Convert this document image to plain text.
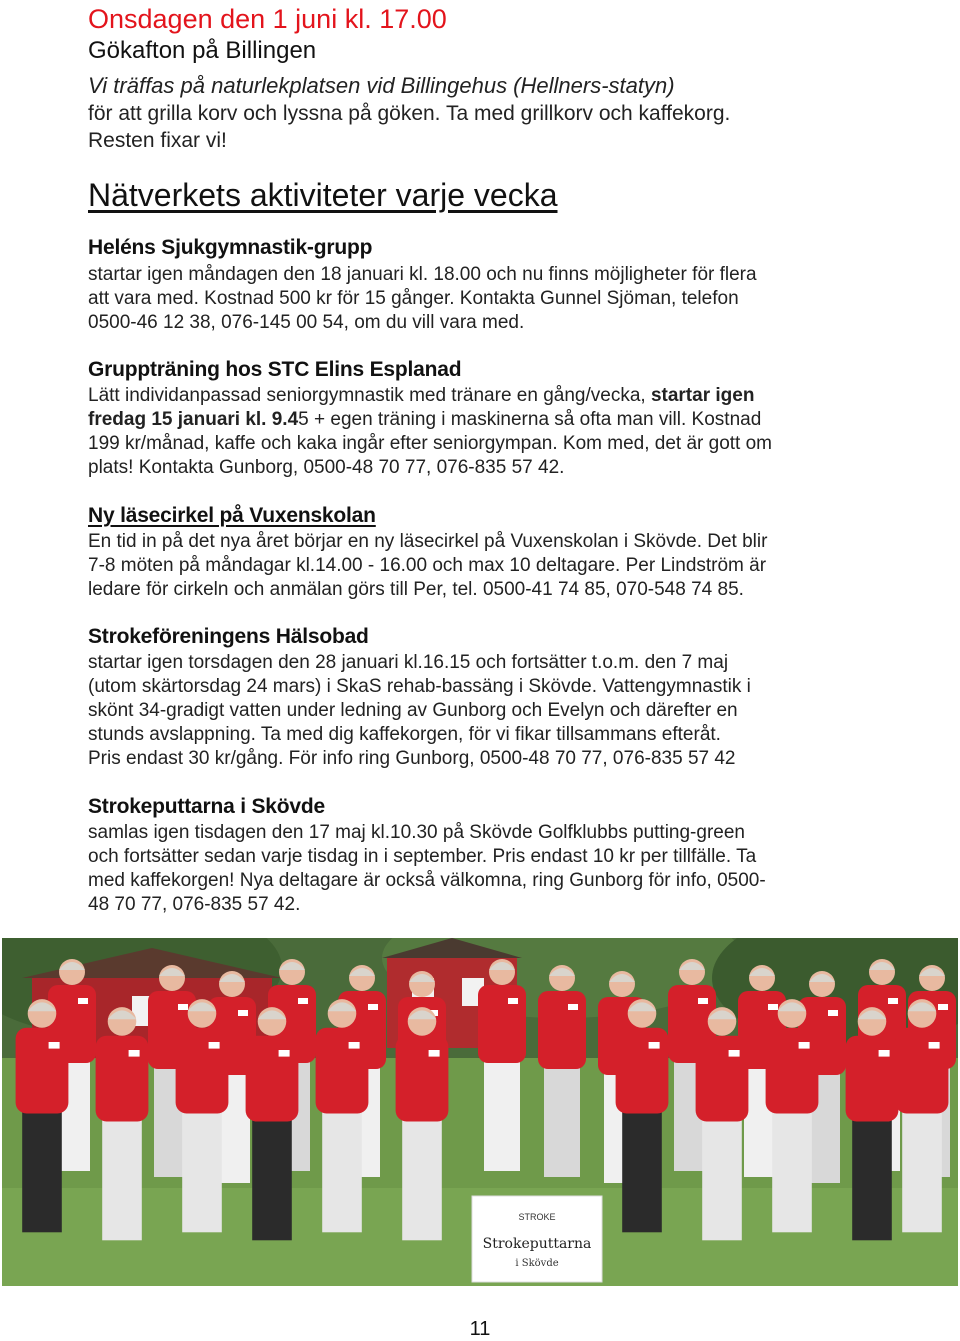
Onsdagen den 1 juni kl. 17.00
Gökafton på Billingen
Vi träffas på naturlekplatsen vid Billingehus (Hellners-statyn)
för att grilla korv och lyssna på göken. Ta med grillkorv och kaffekorg.
Resten fixar vi!
Nätverkets aktiviteter varje vecka
Heléns Sjukgymnastik-grupp
startar igen måndagen den 18 januari kl. 18.00 och nu finns möjligheter för flera
att vara med. Kostnad 500 kr för 15 gånger. Kontakta Gunnel Sjöman, telefon
0500-46 12 38, 076-145 00 54, om du vill vara med.
Gruppträning hos STC Elins Esplanad
Lätt individanpassad seniorgymnastik med tränare en gång/vecka, startar igen
fredag 15 januari kl. 9.45 + egen träning i maskinerna så ofta man vill. Kostnad
199 kr/månad, kaffe och kaka ingår efter seniorgympan. Kom med, det är gott om
plats! Kontakta Gunborg, 0500-48 70 77, 076-835 57 42.
Ny läsecirkel på Vuxenskolan
En tid in på det nya året börjar en ny läsecirkel på Vuxenskolan i Skövde. Det blir
7-8 möten på måndagar kl.14.00 - 16.00 och max 10 deltagare. Per Lindström är
ledare för cirkeln och anmälan görs till Per, tel. 0500-41 74 85, 070-548 74 85.
Strokeföreningens Hälsobad
startar igen torsdagen den 28 januari kl.16.15 och fortsätter t.o.m. den 7 maj
(utom skärtorsdag 24 mars) i SkaS rehab-bassäng i Skövde. Vattengymnastik i
skönt 34-gradigt vatten under ledning av Gunborg och Evelyn och därefter en
stunds avslappning. Ta med dig kaffekorgen, för vi fikar tillsammans efteråt.
Pris endast 30 kr/gång. För info ring Gunborg, 0500-48 70 77, 076-835 57 42
Strokeputtarna i Skövde
samlas igen tisdagen den 17 maj kl.10.30 på Skövde Golfklubbs putting-green
och fortsätter sedan varje tisdag in i september. Pris endast 10 kr per tillfälle. Ta
med kaffekorgen! Nya deltagare är också välkomna, ring Gunborg för info, 0500-
48 70 77, 076-835 57 42.
STROKE
Strokeputtarna
i Skövde
11
